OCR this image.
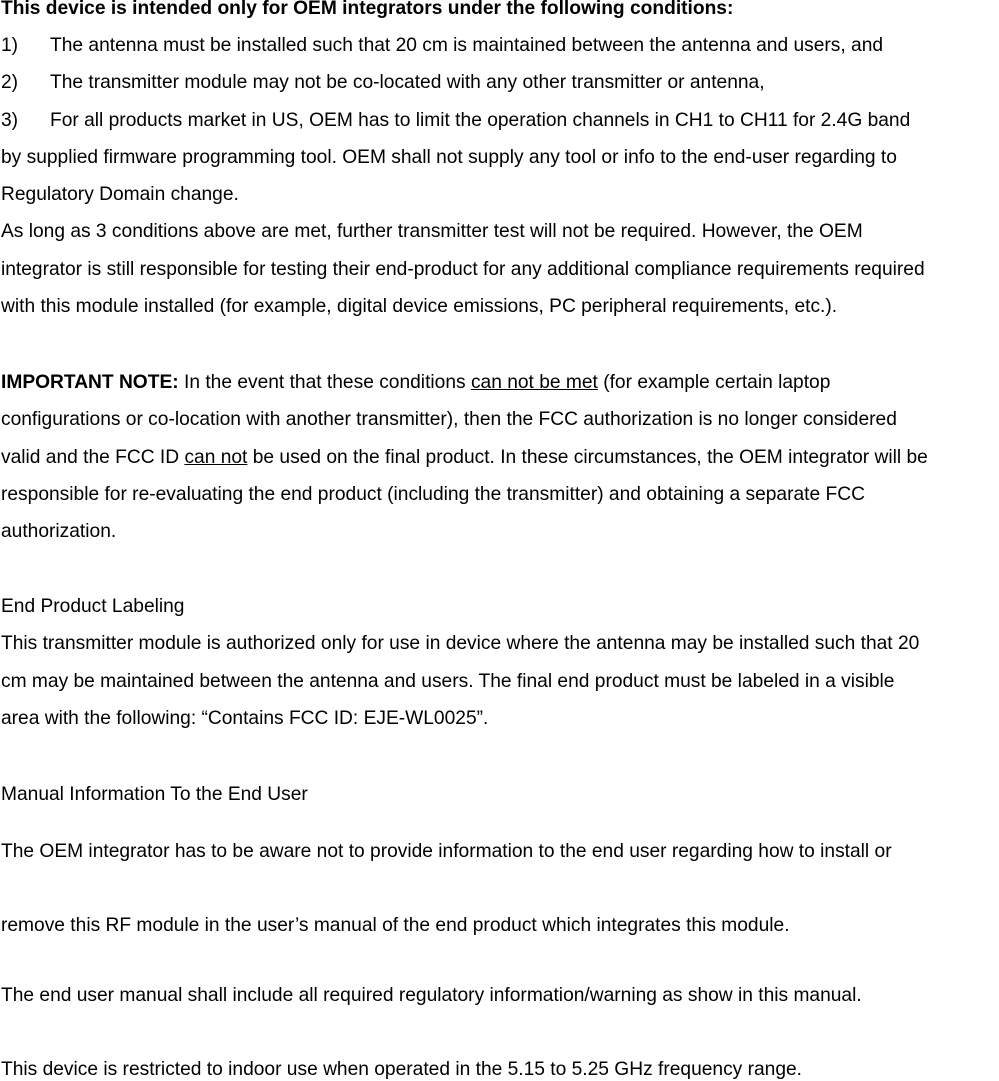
This device is intended only for OEM integrators under the following conditions:
1) The antenna must be installed such that 20 cm is maintained between the antenna and users, and
2) The transmitter module may not be co-located with any other transmitter or antenna,
3) For all products market in US, OEM has to limit the operation channels in CH1 to CH11 for 2.4G band
by supplied firmware programming tool. OEM shall not supply any tool or info to the end-user regarding to
Regulatory Domain change.
As long as 3 conditions above are met, further transmitter test will not be required. However, the OEM
integrator is still responsible for testing their end-product for any additional compliance requirements required
with this module installed (for example, digital device emissions, PC peripheral requirements, etc.).
IMPORTANT NOTE: In the event that these conditions can not be met (for example certain laptop
configurations or co-location with another transmitter), then the FCC authorization is no longer considered
valid and the FCC ID can not be used on the final product. In these circumstances, the OEM integrator will be
responsible for re-evaluating the end product (including the transmitter) and obtaining a separate FCC
authorization.
End Product Labeling
This transmitter module is authorized only for use in device where the antenna may be installed such that 20
cm may be maintained between the antenna and users. The final end product must be labeled in a visible
area with the following: “Contains FCC ID: EJE-WL0025”.
Manual Information To the End User
The OEM integrator has to be aware not to provide information to the end user regarding how to install or
remove this RF module in the user’s manual of the end product which integrates this module.
The end user manual shall include all required regulatory information/warning as show in this manual.
This device is restricted to indoor use when operated in the 5.15 to 5.25 GHz frequency range.
